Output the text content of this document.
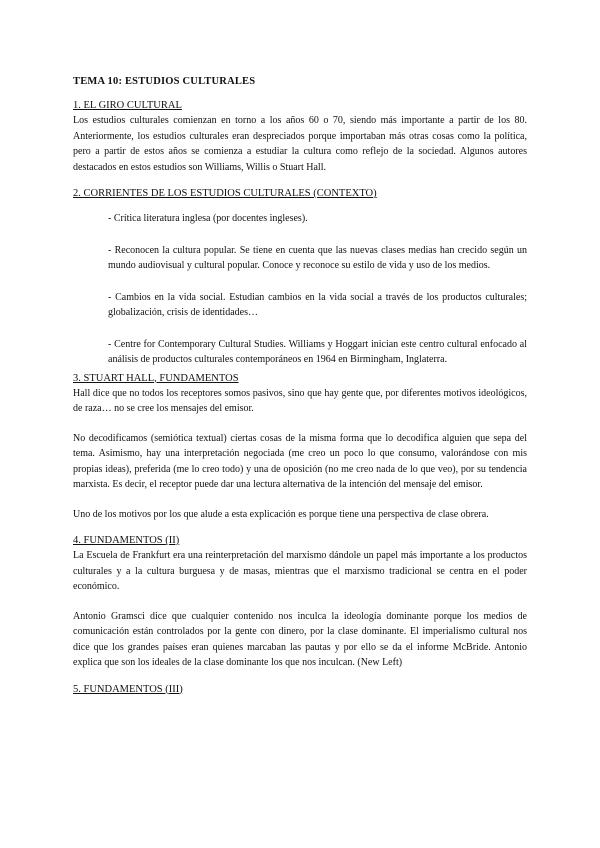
TEMA 10: ESTUDIOS CULTURALES
1. EL GIRO CULTURAL

Los estudios culturales comienzan en torno a los años 60 o 70, siendo más importante a partir de los 80. Anteriormente, los estudios culturales eran despreciados porque importaban más otras cosas como la política, pero a partir de estos años se comienza a estudiar la cultura como reflejo de la sociedad. Algunos autores destacados en estos estudios son Williams, Willis o Stuart Hall.

2. CORRIENTES DE LOS ESTUDIOS CULTURALES (CONTEXTO)

- Crítica literatura inglesa (por docentes ingleses).

- Reconocen la cultura popular. Se tiene en cuenta que las nuevas clases medias han crecido según un mundo audiovisual y cultural popular. Conoce y reconoce su estilo de vida y uso de los medios.

- Cambios en la vida social. Estudian cambios en la vida social a través de los productos culturales; globalización, crisis de identidades…

- Centre for Contemporary Cultural Studies. Williams y Hoggart inician este centro cultural enfocado al análisis de productos culturales contemporáneos en 1964 en Birmingham, Inglaterra.

3. STUART HALL, FUNDAMENTOS

Hall dice que no todos los receptores somos pasivos, sino que hay gente que, por diferentes motivos ideológicos, de raza… no se cree los mensajes del emisor.

No decodificamos (semiótica textual) ciertas cosas de la misma forma que lo decodifica alguien que sepa del tema. Asimismo, hay una interpretación negociada (me creo un poco lo que consumo, valorándose con mis propias ideas), preferida (me lo creo todo) y una de oposición (no me creo nada de lo que veo), por su tendencia marxista. Es decir, el receptor puede dar una lectura alternativa de la intención del mensaje del emisor.

Uno de los motivos por los que alude a esta explicación es porque tiene una perspectiva de clase obrera.

4. FUNDAMENTOS (II)

La Escuela de Frankfurt era una reinterpretación del marxismo dándole un papel más importante a los productos culturales y a la cultura burguesa y de masas, mientras que el marxismo tradicional se centra en el poder económico.

Antonio Gramsci dice que cualquier contenido nos inculca la ideología dominante porque los medios de comunicación están controlados por la gente con dinero, por la clase dominante. El imperialismo cultural nos dice que los grandes países eran quienes marcaban las pautas y por ello se da el informe McBride. Antonio explica que son los ideales de la clase dominante los que nos inculcan. (New Left)

5. FUNDAMENTOS (III)
